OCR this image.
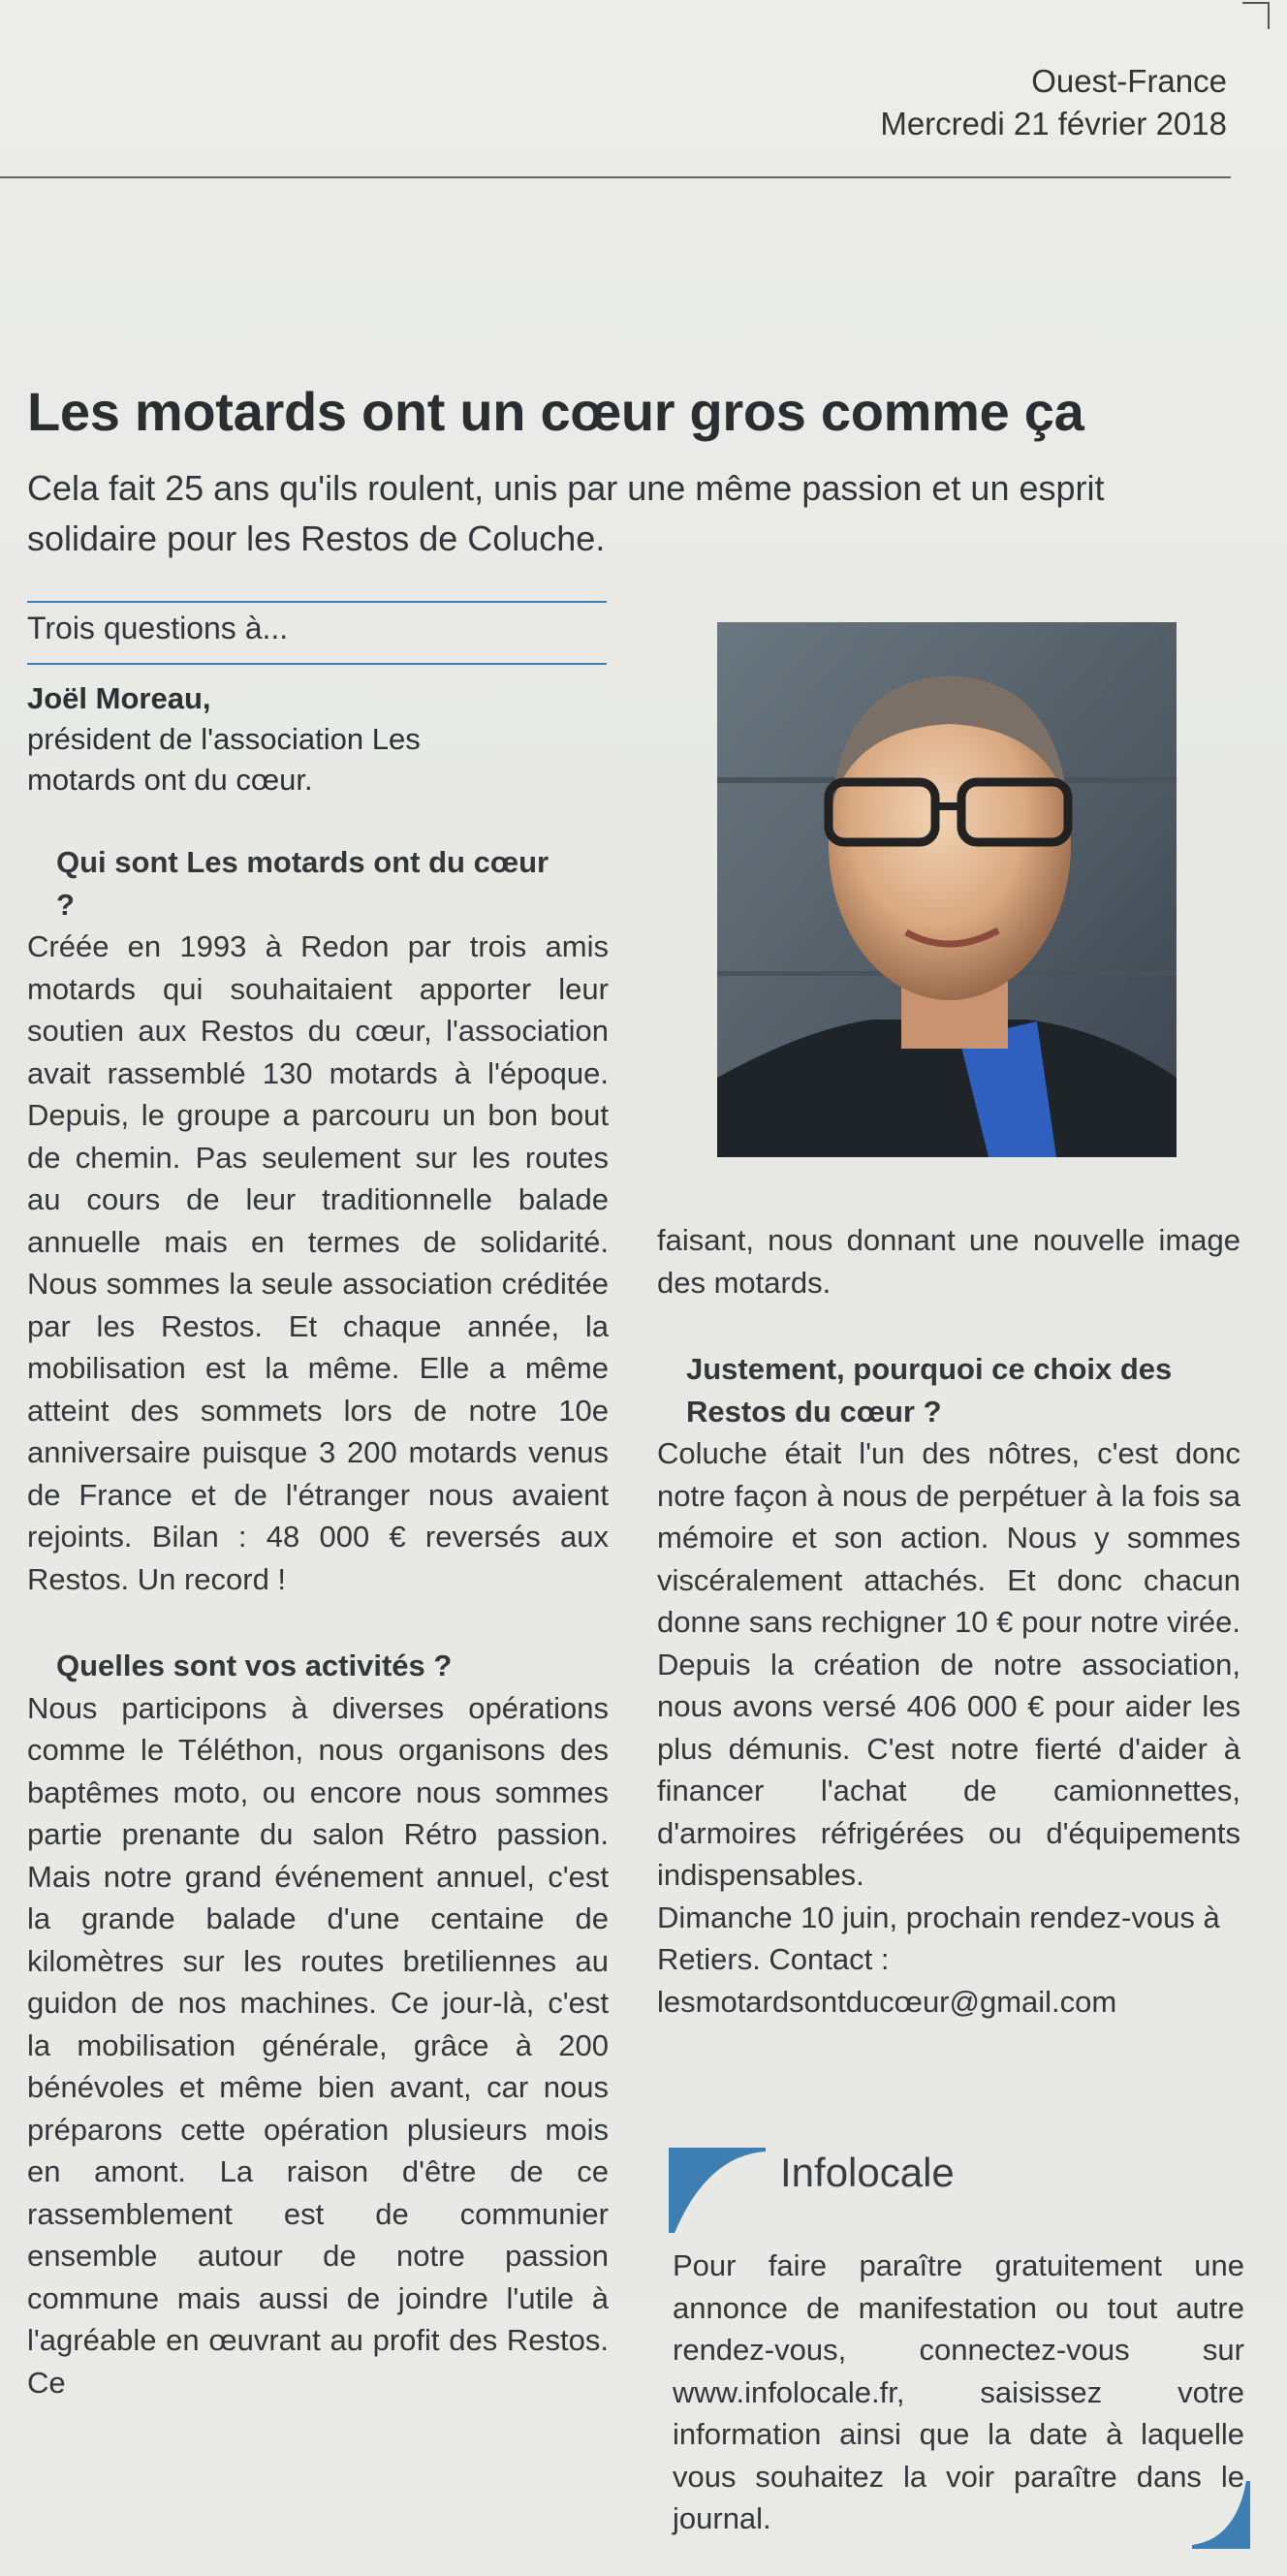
Ouest-France
Mercredi 21 février 2018
Les motards ont un cœur gros comme ça
Cela fait 25 ans qu'ils roulent, unis par une même passion et un esprit solidaire pour les Restos de Coluche.
Trois questions à...
Joël Moreau,
président de l'association Les motards ont du cœur.

Qui sont Les motards ont du cœur ?

Créée en 1993 à Redon par trois amis motards qui souhaitaient apporter leur soutien aux Restos du cœur, l'association avait rassemblé 130 motards à l'époque. Depuis, le groupe a parcouru un bon bout de chemin. Pas seulement sur les routes au cours de leur traditionnelle balade annuelle mais en termes de solidarité. Nous sommes la seule association créditée par les Restos. Et chaque année, la mobilisation est la même. Elle a même atteint des sommets lors de notre 10e anniversaire puisque 3 200 motards venus de France et de l'étranger nous avaient rejoints. Bilan : 48 000 € reversés aux Restos. Un record !

Quelles sont vos activités ?

Nous participons à diverses opérations comme le Téléthon, nous organisons des baptêmes moto, ou encore nous sommes partie prenante du salon Rétro passion. Mais notre grand événement annuel, c'est la grande balade d'une centaine de kilomètres sur les routes bretiliennes au guidon de nos machines. Ce jour-là, c'est la mobilisation générale, grâce à 200 bénévoles et même bien avant, car nous préparons cette opération plusieurs mois en amont. La raison d'être de ce rassemblement est de communier ensemble autour de notre passion commune mais aussi de joindre l'utile à l'agréable en œuvrant au profit des Restos. Ce

faisant, nous donnant une nouvelle image des motards.

Justement, pourquoi ce choix des Restos du cœur ?

Coluche était l'un des nôtres, c'est donc notre façon à nous de perpétuer à la fois sa mémoire et son action. Nous y sommes viscéralement attachés. Et donc chacun donne sans rechigner 10 € pour notre virée. Depuis la création de notre association, nous avons versé 406 000 € pour aider les plus démunis. C'est notre fierté d'aider à financer l'achat de camionnettes, d'armoires réfrigérées ou d'équipements indispensables.

Dimanche 10 juin, prochain rendez-vous à Retiers. Contact : lesmotardsontducœur@gmail.com

Infolocale
Pour faire paraître gratuitement une annonce de manifestation ou tout autre rendez-vous, connectez-vous sur www.infolocale.fr, saisissez votre information ainsi que la date à laquelle vous souhaitez la voir paraître dans le journal.
